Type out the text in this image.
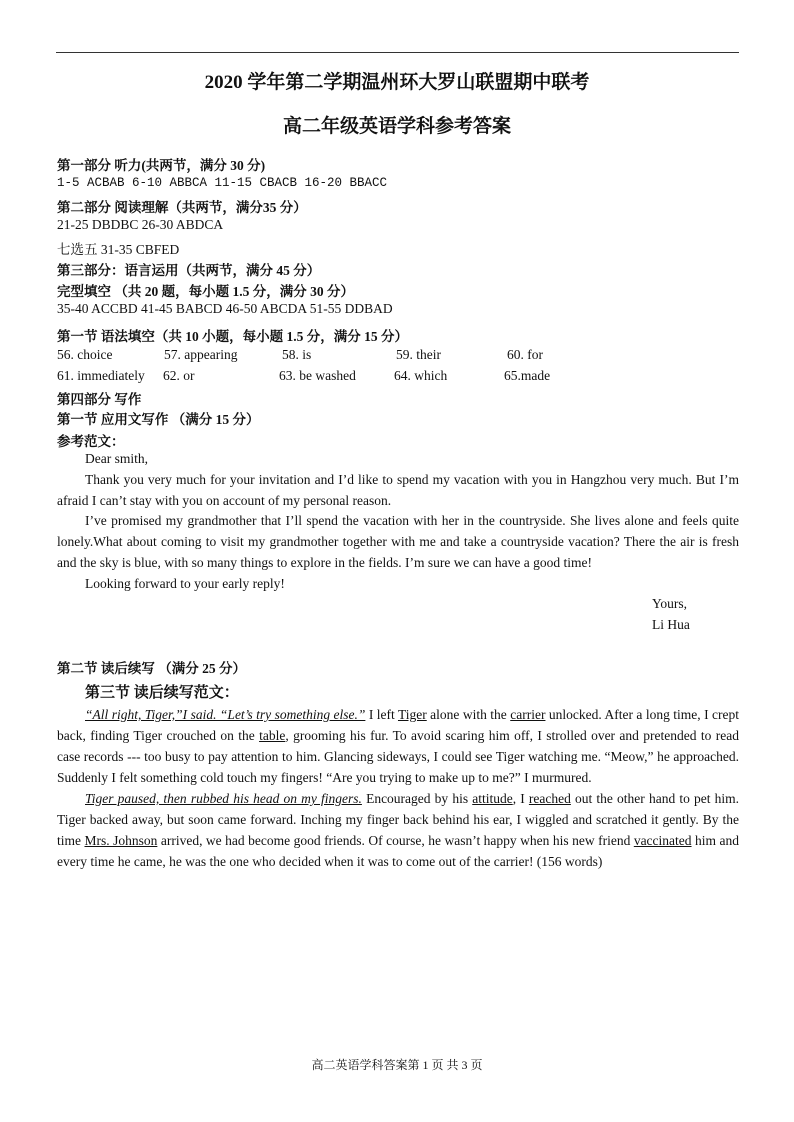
2020 学年第二学期温州环大罗山联盟期中联考
高二年级英语学科参考答案
第一部分 听力(共两节，满分 30 分)
1-5 ACBAB 6-10 ABBCA 11-15 CBACB 16-20 BBACC
第二部分 阅读理解（共两节，满分35 分）
21-25 DBDBC 26-30 ABDCA
七选五 31-35 CBFED
第三部分：语言运用（共两节，满分 45 分）
完型填空 （共 20 题，每小题 1.5 分，满分 30 分）
35-40 ACCBD 41-45 BABCD 46-50 ABCDA 51-55 DDBAD
第一节 语法填空（共 10 小题，每小题 1.5 分，满分 15 分）
56. choice	57. appearing	58. is	59. their	60. for
61. immediately 62. or	63. be washed	64. which	65.made
第四部分 写作
第一节 应用文写作 （满分 15 分）
参考范文：
Dear smith,
Thank you very much for your invitation and I’d like to spend my vacation with you in Hangzhou very much. But I’m afraid I can’t stay with you on account of my personal reason.
I’ve promised my grandmother that I’ll spend the vacation with her in the countryside. She lives alone and feels quite lonely.What about coming to visit my grandmother together with me and take a countryside vacation? There the air is fresh and the sky is blue, with so many things to explore in the fields. I’m sure we can have a good time!
Looking forward to your early reply!
Yours,
Li Hua
第二节 读后续写 （满分 25 分）
第三节 读后续写范文：
“All right, Tiger,”I said. “Let’s try something else.” I left Tiger alone with the carrier unlocked. After a long time, I crept back, finding Tiger crouched on the table, grooming his fur. To avoid scaring him off, I strolled over and pretended to read case records --- too busy to pay attention to him. Glancing sideways, I could see Tiger watching me. “Meow,” he approached. Suddenly I felt something cold touch my fingers! “Are you trying to make up to me?” I murmured.
Tiger paused, then rubbed his head on my fingers. Encouraged by his attitude, I reached out the other hand to pet him. Tiger backed away, but soon came forward. Inching my finger back behind his ear, I wiggled and scratched it gently. By the time Mrs. Johnson arrived, we had become good friends. Of course, he wasn’t happy when his new friend vaccinated him and every time he came, he was the one who decided when it was to come out of the carrier! (156 words)
高二英语学科答案第 1 页 共 3 页
